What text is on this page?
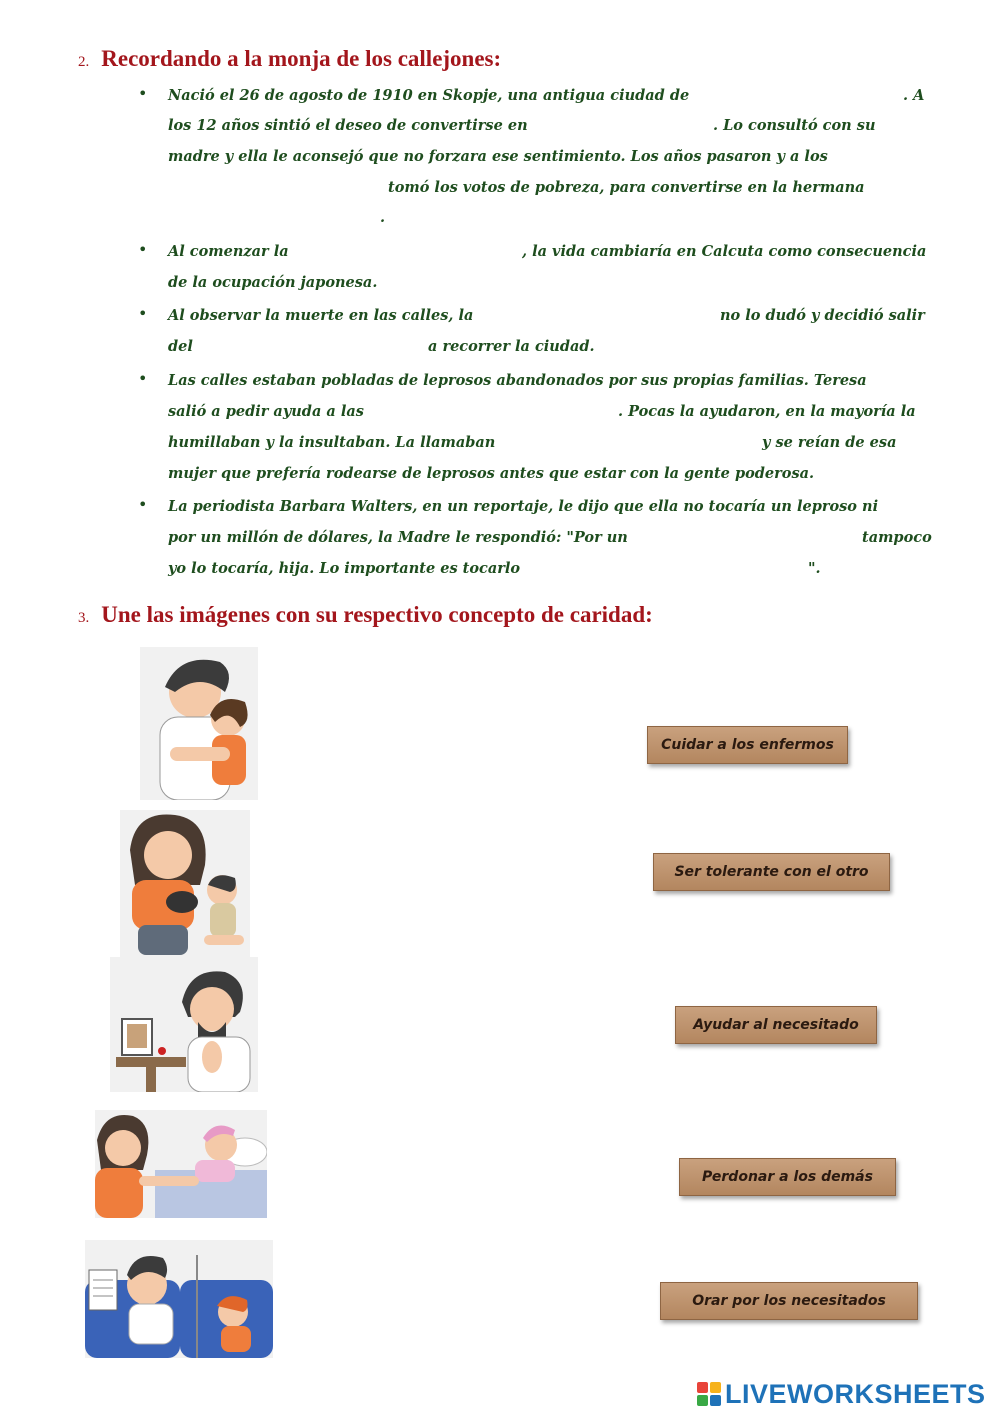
2. Recordando a la monja de los callejones:
• Nació el 26 de agosto de 1910 en Skopje, una antigua ciudad de	. A
los 12 años sintió el deseo de convertirse en	. Lo consultó con su
madre y ella le aconsejó que no forzara ese sentimiento. Los años pasaron y a los
tomó los votos de pobreza, para convertirse en la hermana
.
• Al comenzar la	, la vida cambiaría en Calcuta como consecuencia
de la ocupación japonesa.
• Al observar la muerte en las calles, la	no lo dudó y decidió salir
del	a recorrer la ciudad.
• Las calles estaban pobladas de leprosos abandonados por sus propias familias. Teresa
salió a pedir ayuda a las	. Pocas la ayudaron, en la mayoría la
humillaban y la insultaban. La llamaban	y se reían de esa
mujer que prefería rodearse de leprosos antes que estar con la gente poderosa.
• La periodista Barbara Walters, en un reportaje, le dijo que ella no tocaría un leproso ni
por un millón de dólares, la Madre le respondió: "Por un	tampoco
yo lo tocaría, hija. Lo importante es tocarlo	".
3. Une las imágenes con su respectivo concepto de caridad:
Cuidar a los enfermos
Ser tolerante con el otro
Ayudar al necesitado
Perdonar a los demás
Orar por los necesitados
LIVEWORKSHEETS
